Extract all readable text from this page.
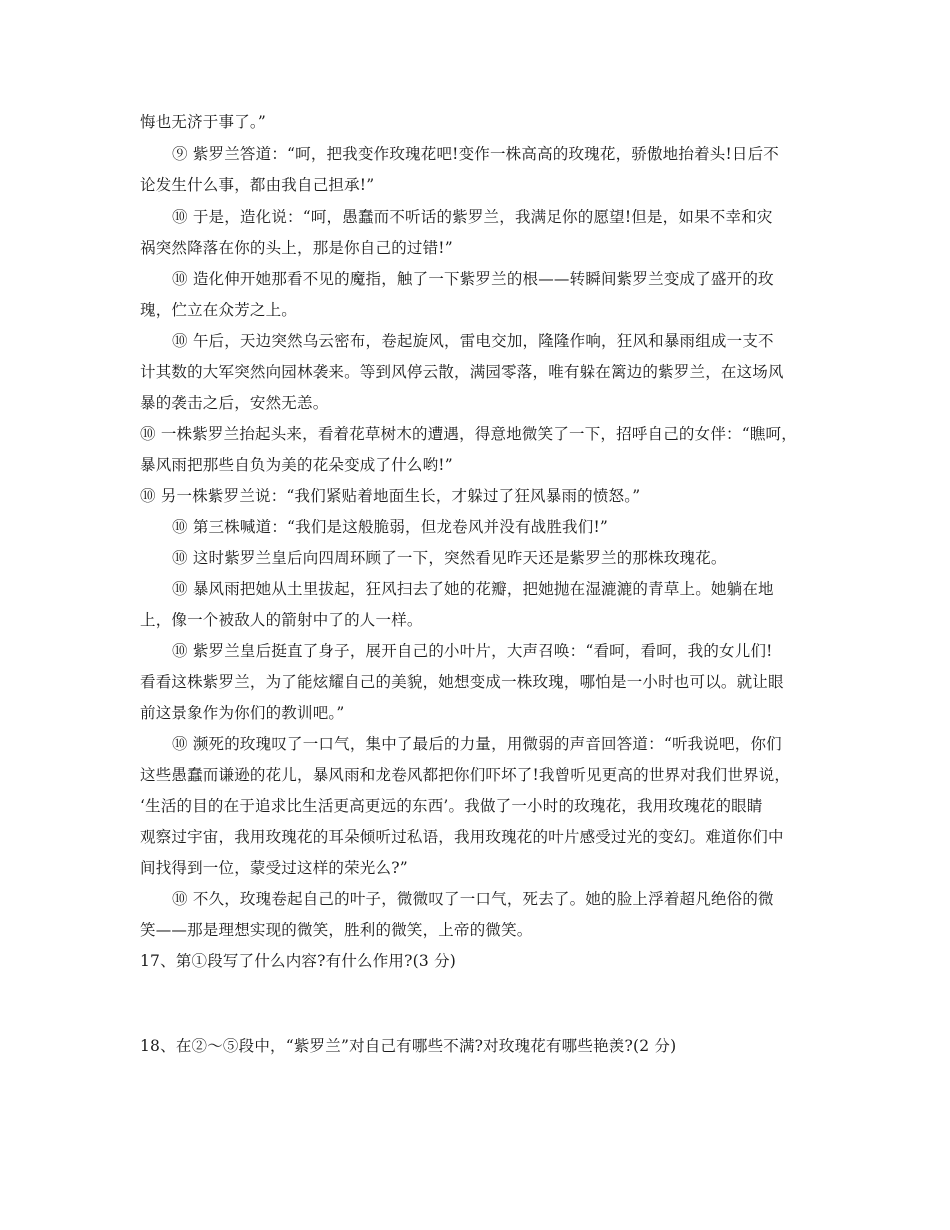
悔也无济于事了。”
⑨ 紫罗兰答道：“呵，把我变作玫瑰花吧!变作一株高高的玫瑰花，骄傲地抬着头!日后不
论发生什么事，都由我自己担承!”
⑩ 于是，造化说：“呵，愚蠢而不听话的紫罗兰，我满足你的愿望!但是，如果不幸和灾
祸突然降落在你的头上，那是你自己的过错!”
⑩ 造化伸开她那看不见的魔指，触了一下紫罗兰的根——转瞬间紫罗兰变成了盛开的玫
瑰，伫立在众芳之上。
⑩ 午后，天边突然乌云密布，卷起旋风，雷电交加，隆隆作响，狂风和暴雨组成一支不
计其数的大军突然向园林袭来。等到风停云散，满园零落，唯有躲在篱边的紫罗兰，在这场风
暴的袭击之后，安然无恙。
⑩ 一株紫罗兰抬起头来，看着花草树木的遭遇，得意地微笑了一下，招呼自己的女伴：“瞧呵，
暴风雨把那些自负为美的花朵变成了什么哟!”
⑩ 另一株紫罗兰说：“我们紧贴着地面生长，才躲过了狂风暴雨的愤怒。”
⑩ 第三株喊道：“我们是这般脆弱，但龙卷风并没有战胜我们!”
⑩ 这时紫罗兰皇后向四周环顾了一下，突然看见昨天还是紫罗兰的那株玫瑰花。
⑩ 暴风雨把她从土里拔起，狂风扫去了她的花瓣，把她抛在湿漉漉的青草上。她躺在地
上，像一个被敌人的箭射中了的人一样。
⑩ 紫罗兰皇后挺直了身子，展开自己的小叶片，大声召唤：“看呵，看呵，我的女儿们!
看看这株紫罗兰，为了能炫耀自己的美貌，她想变成一株玫瑰，哪怕是一小时也可以。就让眼
前这景象作为你们的教训吧。”
⑩ 濒死的玫瑰叹了一口气，集中了最后的力量，用微弱的声音回答道：“听我说吧，你们
这些愚蠢而谦逊的花儿，暴风雨和龙卷风都把你们吓坏了!我曾听见更高的世界对我们世界说，
‘生活的目的在于追求比生活更高更远的东西’。我做了一小时的玫瑰花，我用玫瑰花的眼睛
观察过宇宙，我用玫瑰花的耳朵倾听过私语，我用玫瑰花的叶片感受过光的变幻。难道你们中
间找得到一位，蒙受过这样的荣光么?”
⑩ 不久，玫瑰卷起自己的叶子，微微叹了一口气，死去了。她的脸上浮着超凡绝俗的微
笑——那是理想实现的微笑，胜利的微笑，上帝的微笑。
17、第①段写了什么内容?有什么作用?(3 分)
18、在②～⑤段中，“紫罗兰”对自己有哪些不满?对玫瑰花有哪些艳羡?(2 分)
